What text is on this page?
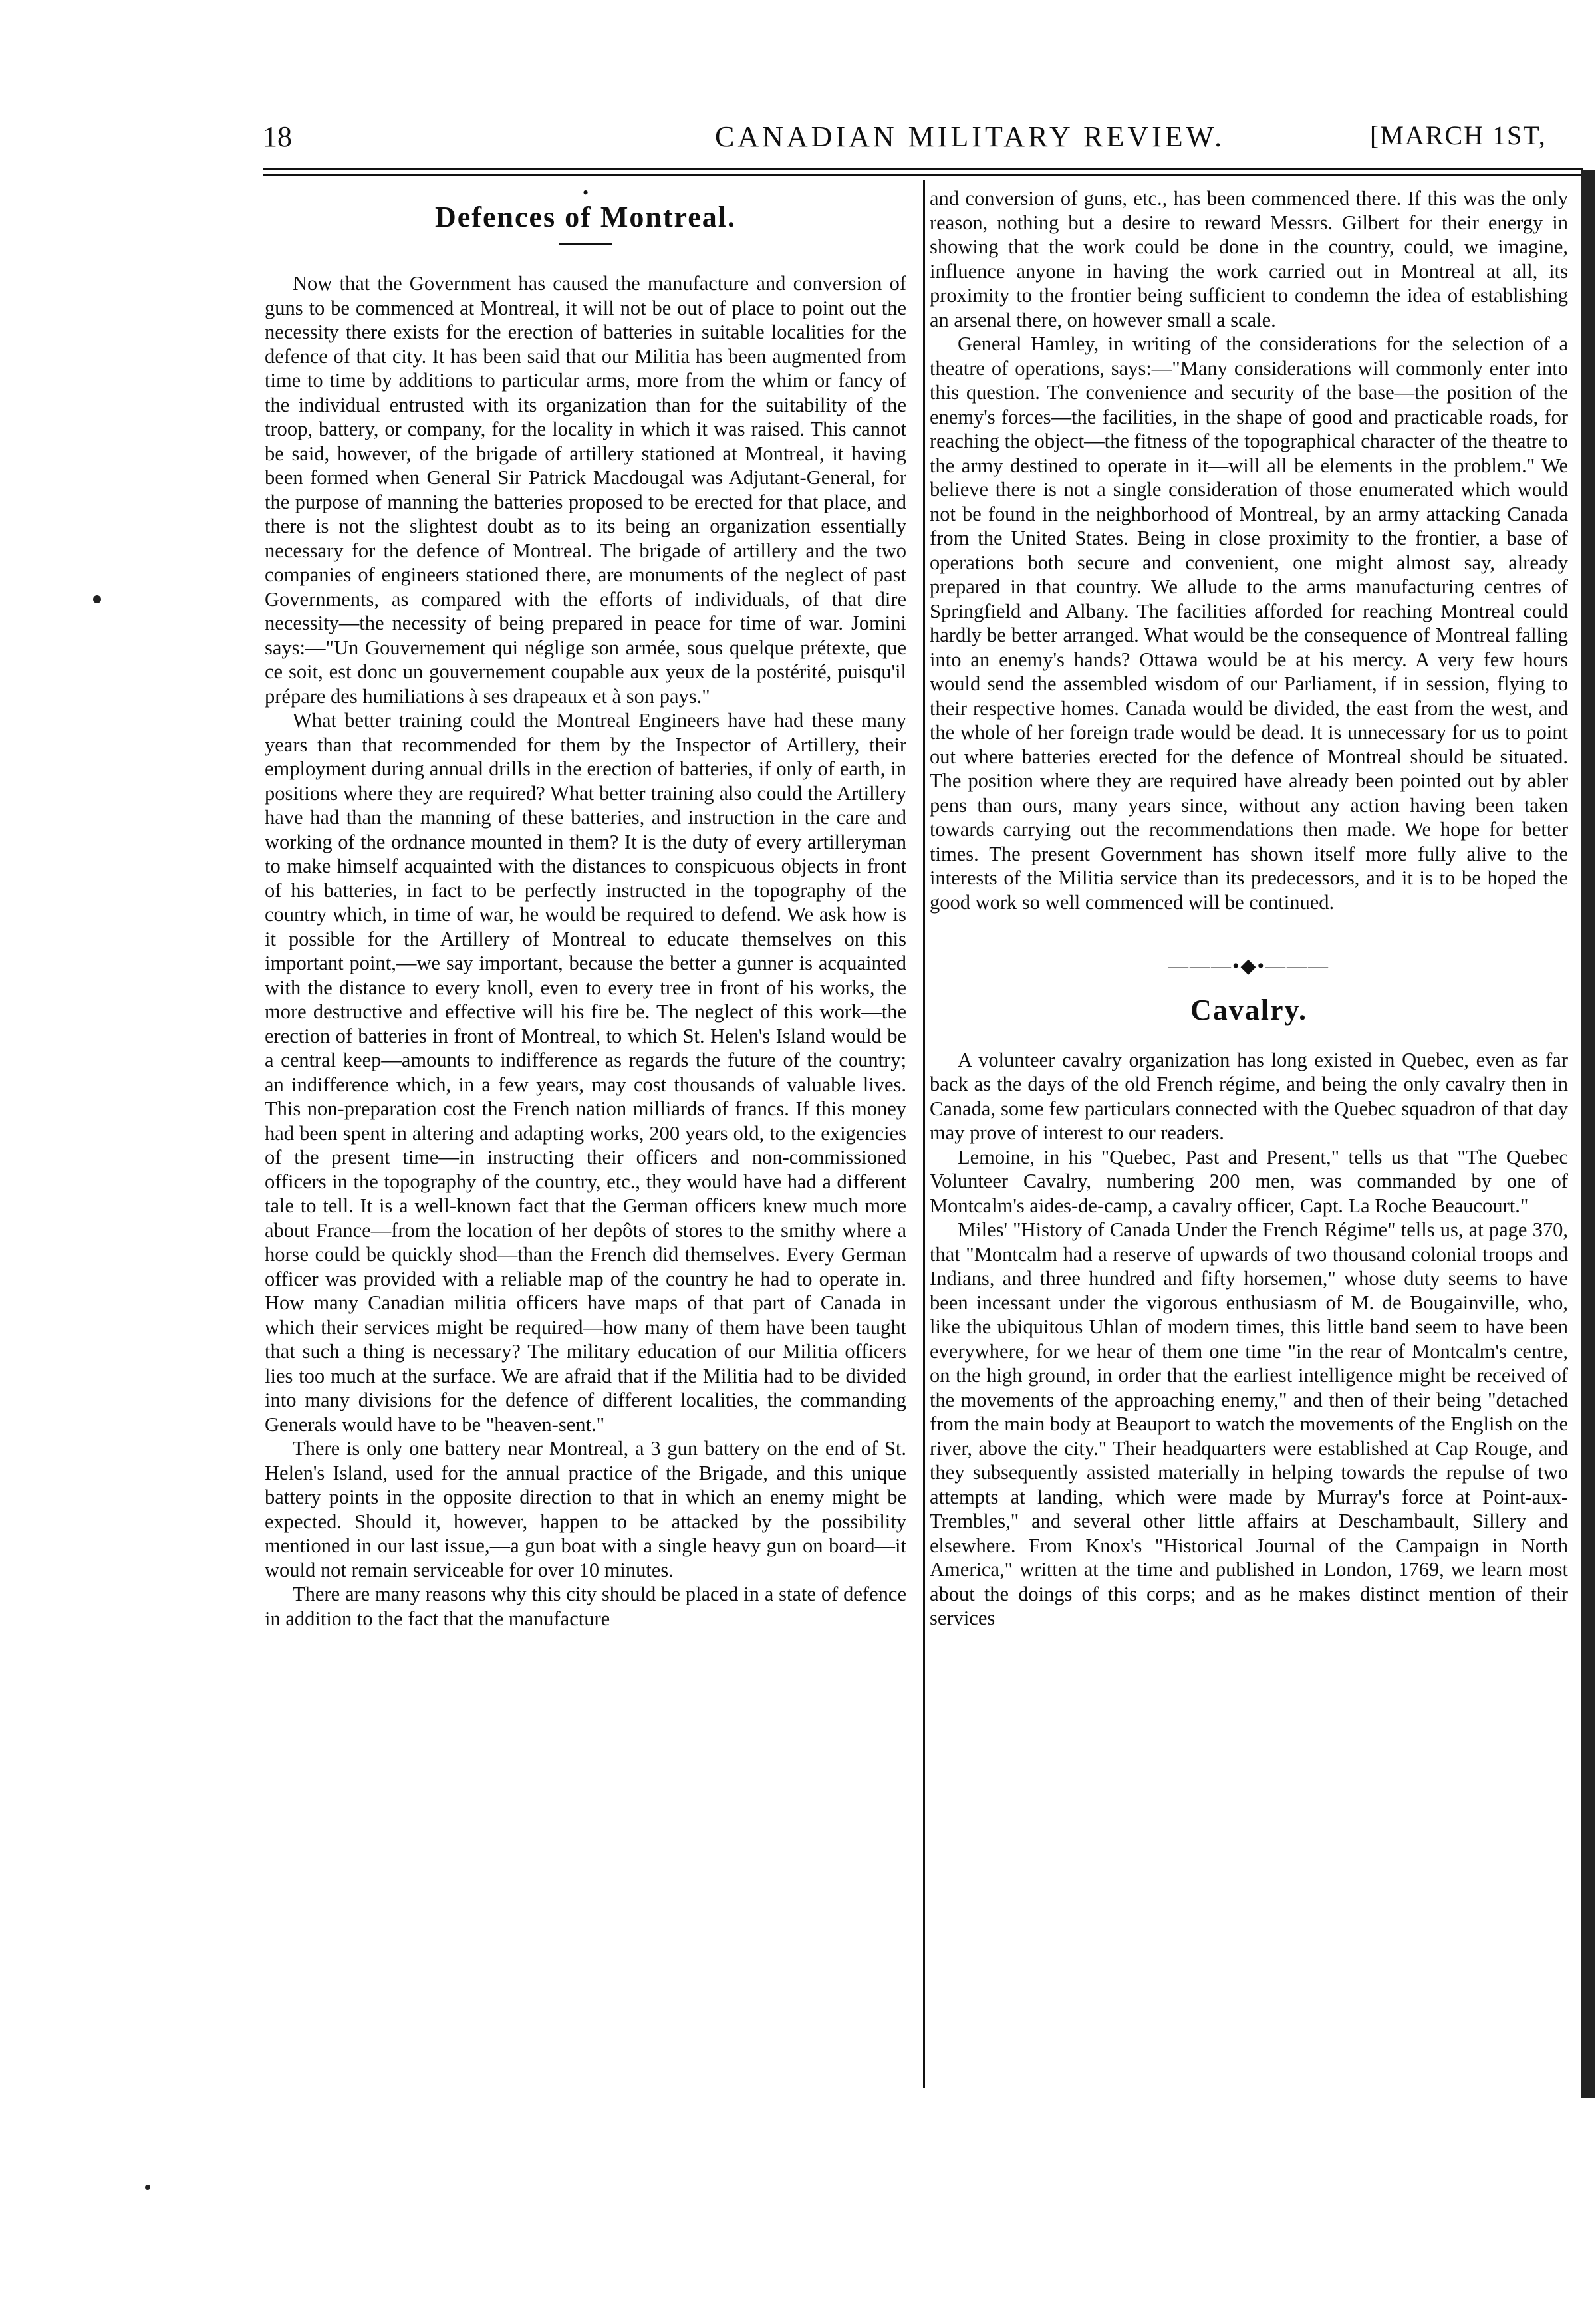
18	CANADIAN MILITARY REVIEW.	[MARCH 1ST,
•
Defences of Montreal.

Now that the Government has caused the manufacture and conversion of guns to be commenced at Montreal, it will not be out of place to point out the necessity there exists for the erection of batteries in suitable localities for the defence of that city. It has been said that our Militia has been augmented from time to time by additions to particular arms, more from the whim or fancy of the individual entrusted with its organization than for the suitability of the troop, battery, or company, for the locality in which it was raised. This cannot be said, however, of the brigade of artillery stationed at Montreal, it having been formed when General Sir Patrick Macdougal was Adjutant-General, for the purpose of manning the batteries proposed to be erected for that place, and there is not the slightest doubt as to its being an organization essentially necessary for the defence of Montreal. The brigade of artillery and the two companies of engineers stationed there, are monuments of the neglect of past Governments, as compared with the efforts of individuals, of that dire necessity—the necessity of being prepared in peace for time of war. Jomini says:—"Un Gouvernement qui néglige son armée, sous quelque prétexte, que ce soit, est donc un gouvernement coupable aux yeux de la postérité, puisqu'il prépare des humiliations à ses drapeaux et à son pays."

What better training could the Montreal Engineers have had these many years than that recommended for them by the Inspector of Artillery, their employment during annual drills in the erection of batteries, if only of earth, in positions where they are required? What better training also could the Artillery have had than the manning of these batteries, and instruction in the care and working of the ordnance mounted in them? It is the duty of every artilleryman to make himself acquainted with the distances to conspicuous objects in front of his batteries, in fact to be perfectly instructed in the topography of the country which, in time of war, he would be required to defend. We ask how is it possible for the Artillery of Montreal to educate themselves on this important point,—we say important, because the better a gunner is acquainted with the distance to every knoll, even to every tree in front of his works, the more destructive and effective will his fire be. The neglect of this work—the erection of batteries in front of Montreal, to which St. Helen's Island would be a central keep—amounts to indifference as regards the future of the country; an indifference which, in a few years, may cost thousands of valuable lives. This non-preparation cost the French nation milliards of francs. If this money had been spent in altering and adapting works, 200 years old, to the exigencies of the present time—in instructing their officers and non-commissioned officers in the topography of the country, etc., they would have had a different tale to tell. It is a well-known fact that the German officers knew much more about France—from the location of her depôts of stores to the smithy where a horse could be quickly shod—than the French did themselves. Every German officer was provided with a reliable map of the country he had to operate in. How many Canadian militia officers have maps of that part of Canada in which their services might be required—how many of them have been taught that such a thing is necessary? The military education of our Militia officers lies too much at the surface. We are afraid that if the Militia had to be divided into many divisions for the defence of different localities, the commanding Generals would have to be "heaven-sent."

There is only one battery near Montreal, a 3 gun battery on the end of St. Helen's Island, used for the annual practice of the Brigade, and this unique battery points in the opposite direction to that in which an enemy might be expected. Should it, however, happen to be attacked by the possibility mentioned in our last issue,—a gun boat with a single heavy gun on board—it would not remain serviceable for over 10 minutes.

There are many reasons why this city should be placed in a state of defence in addition to the fact that the manufacture

and conversion of guns, etc., has been commenced there. If this was the only reason, nothing but a desire to reward Messrs. Gilbert for their energy in showing that the work could be done in the country, could, we imagine, influence anyone in having the work carried out in Montreal at all, its proximity to the frontier being sufficient to condemn the idea of establishing an arsenal there, on however small a scale.

General Hamley, in writing of the considerations for the selection of a theatre of operations, says:—"Many considerations will commonly enter into this question. The convenience and security of the base—the position of the enemy's forces—the facilities, in the shape of good and practicable roads, for reaching the object—the fitness of the topographical character of the theatre to the army destined to operate in it—will all be elements in the problem." We believe there is not a single consideration of those enumerated which would not be found in the neighborhood of Montreal, by an army attacking Canada from the United States. Being in close proximity to the frontier, a base of operations both secure and convenient, one might almost say, already prepared in that country. We allude to the arms manufacturing centres of Springfield and Albany. The facilities afforded for reaching Montreal could hardly be better arranged. What would be the consequence of Montreal falling into an enemy's hands? Ottawa would be at his mercy. A very few hours would send the assembled wisdom of our Parliament, if in session, flying to their respective homes. Canada would be divided, the east from the west, and the whole of her foreign trade would be dead. It is unnecessary for us to point out where batteries erected for the defence of Montreal should be situated. The position where they are required have already been pointed out by abler pens than ours, many years since, without any action having been taken towards carrying out the recommendations then made. We hope for better times. The present Government has shown itself more fully alive to the interests of the Militia service than its predecessors, and it is to be hoped the good work so well commenced will be continued.

———•◆•———
Cavalry.

A volunteer cavalry organization has long existed in Quebec, even as far back as the days of the old French régime, and being the only cavalry then in Canada, some few particulars connected with the Quebec squadron of that day may prove of interest to our readers.

Lemoine, in his "Quebec, Past and Present," tells us that "The Quebec Volunteer Cavalry, numbering 200 men, was commanded by one of Montcalm's aides-de-camp, a cavalry officer, Capt. La Roche Beaucourt."

Miles' "History of Canada Under the French Régime" tells us, at page 370, that "Montcalm had a reserve of upwards of two thousand colonial troops and Indians, and three hundred and fifty horsemen," whose duty seems to have been incessant under the vigorous enthusiasm of M. de Bougainville, who, like the ubiquitous Uhlan of modern times, this little band seem to have been everywhere, for we hear of them one time "in the rear of Montcalm's centre, on the high ground, in order that the earliest intelligence might be received of the movements of the approaching enemy," and then of their being "detached from the main body at Beauport to watch the movements of the English on the river, above the city." Their headquarters were established at Cap Rouge, and they subsequently assisted materially in helping towards the repulse of two attempts at landing, which were made by Murray's force at Point-aux-Trembles," and several other little affairs at Deschambault, Sillery and elsewhere. From Knox's "Historical Journal of the Campaign in North America," written at the time and published in London, 1769, we learn most about the doings of this corps; and as he makes distinct mention of their services
